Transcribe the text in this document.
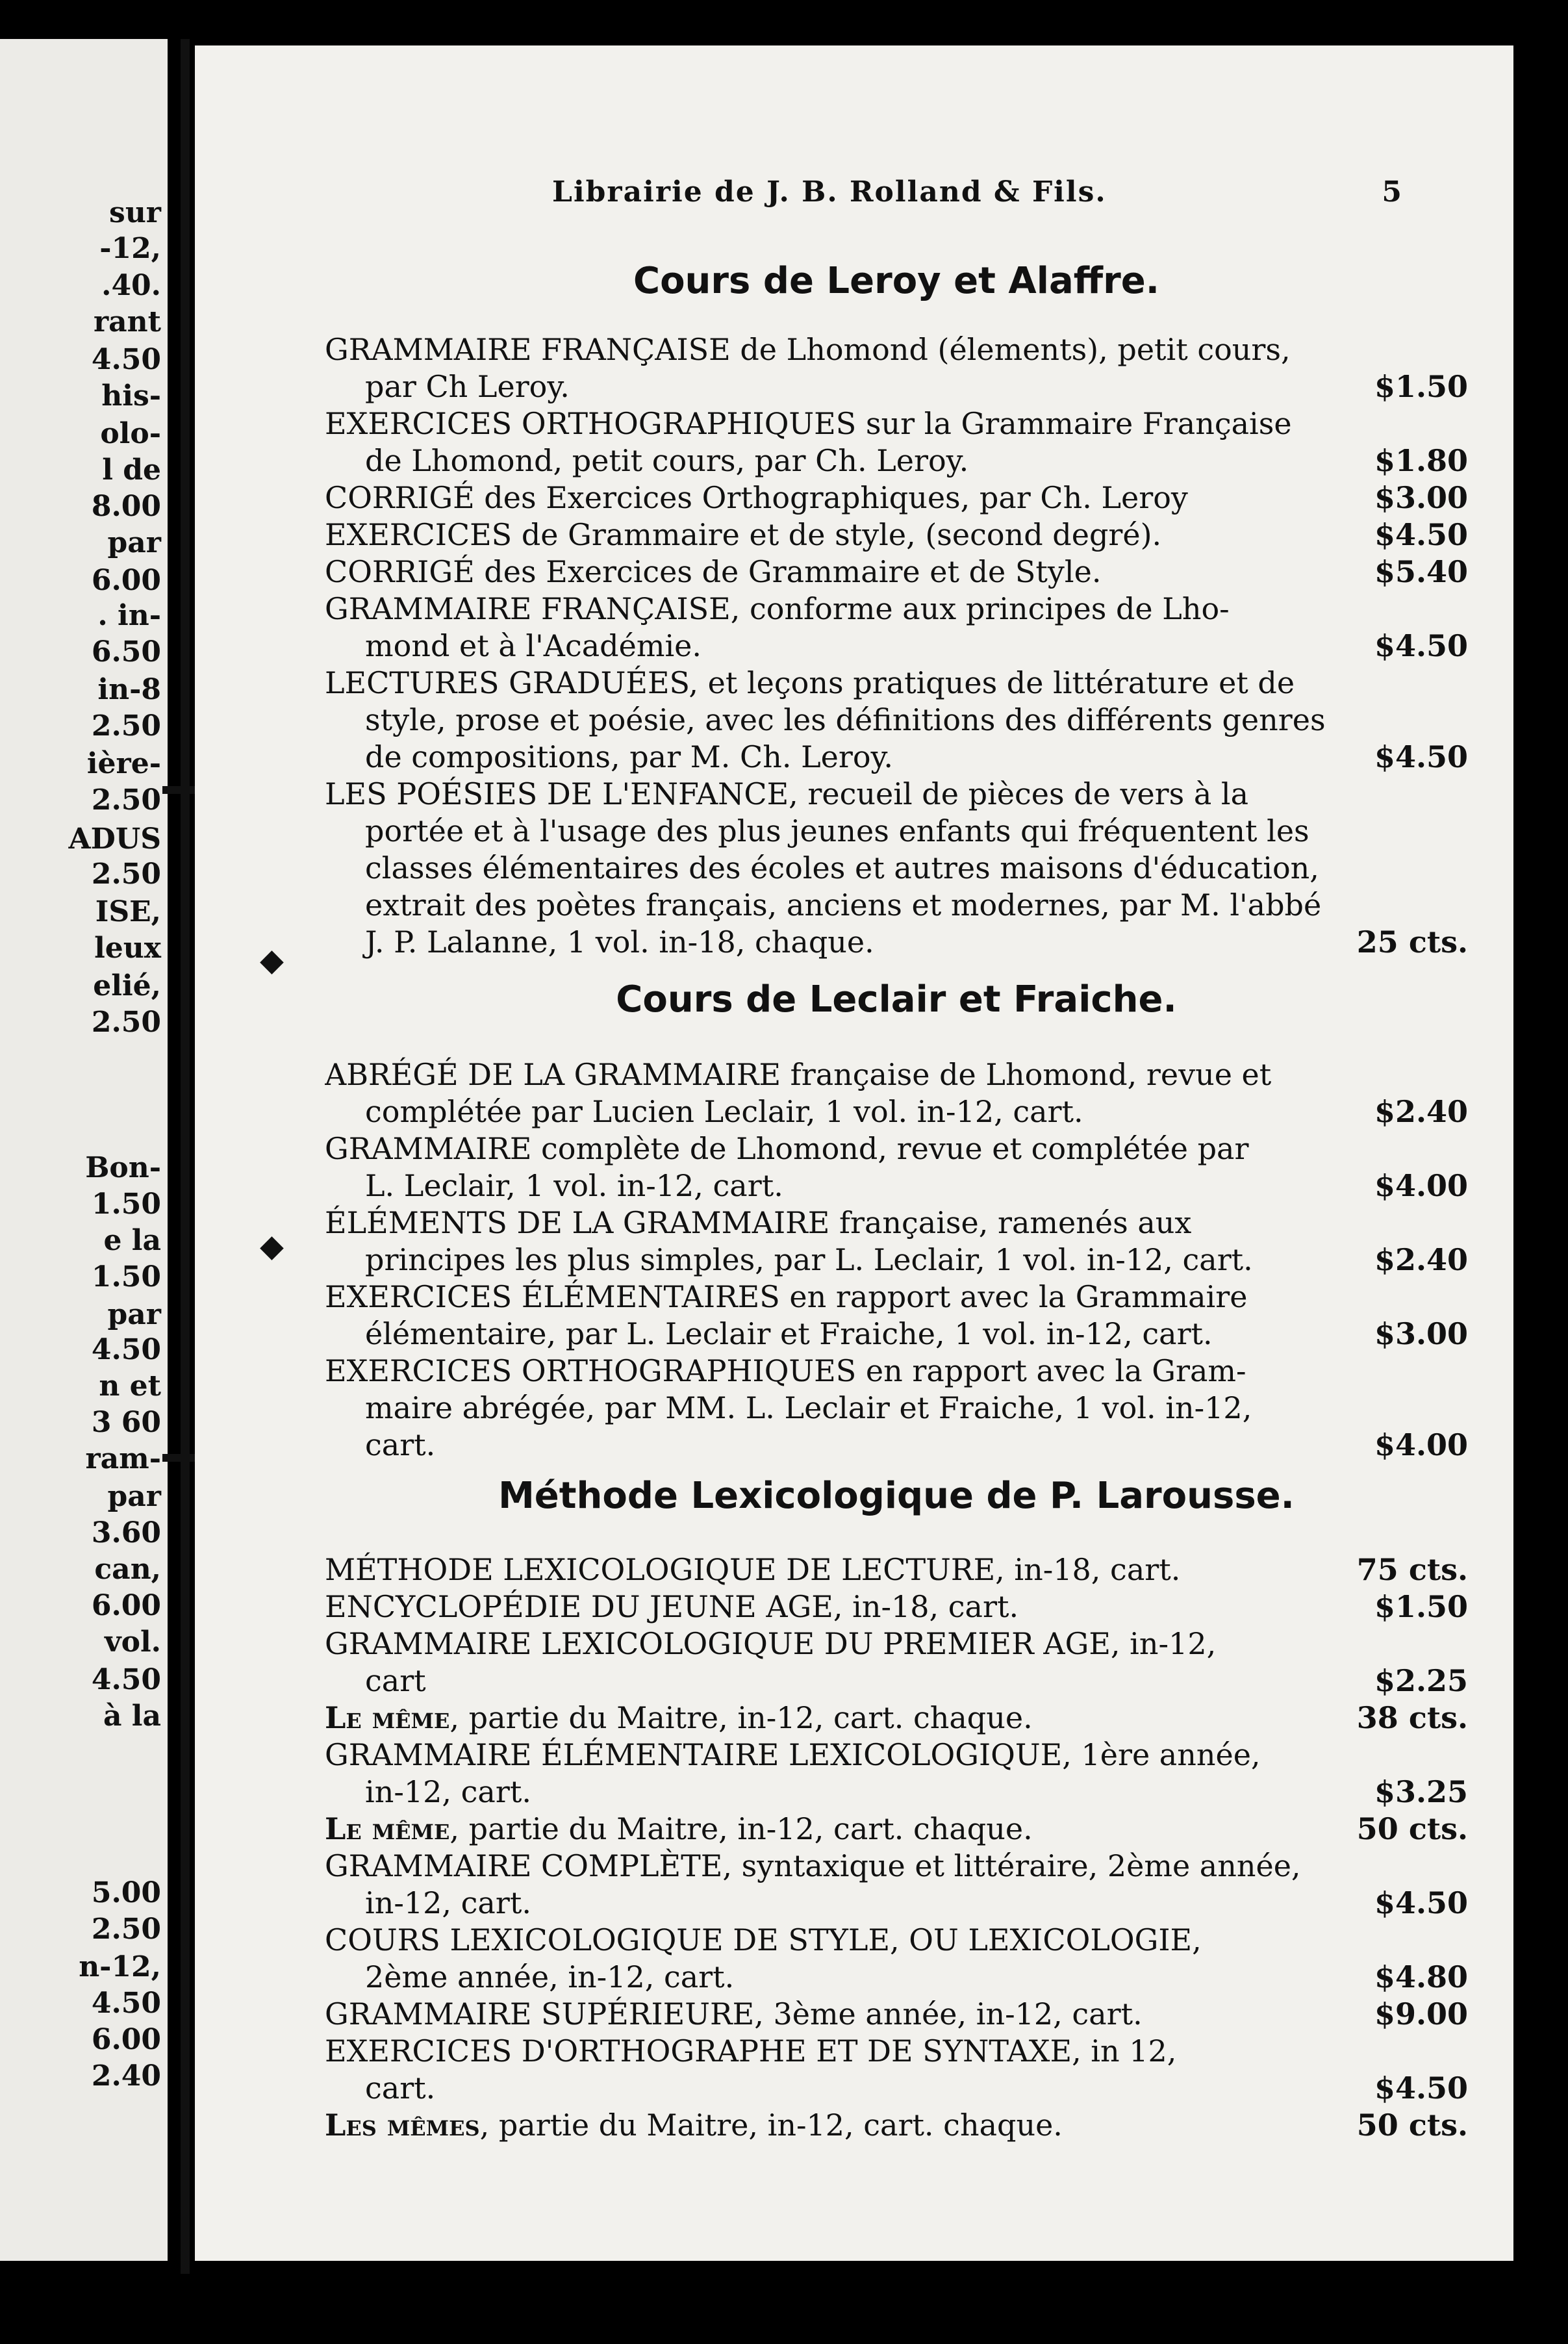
sur
-12,
.40.
rant
4.50
his-
olo-
l de
8.00
par
6.00
. in-
6.50
in-8
2.50
ière-
2.50
ADUS
2.50
ISE,
leux
elié,
2.50
Bon-
1.50
e la
1.50
par
4.50
n et
3 60
ram-
par
3.60
can,
6.00
vol.
4.50
à la
5.00
2.50
n-12,
4.50
6.00
2.40
Librairie de J. B. Rolland & Fils.	5
Cours de Leroy et Alaffre.
GRAMMAIRE FRANÇAISE de Lhomond (élements), petit cours,
par Ch Leroy.	$1.50
EXERCICES ORTHOGRAPHIQUES sur la Grammaire Française
de Lhomond, petit cours, par Ch. Leroy.	$1.80
CORRIGÉ des Exercices Orthographiques, par Ch. Leroy	$3.00
EXERCICES de Grammaire et de style, (second degré).	$4.50
CORRIGÉ des Exercices de Grammaire et de Style.	$5.40
GRAMMAIRE FRANÇAISE, conforme aux principes de Lho-
mond et à l'Académie.	$4.50
LECTURES GRADUÉES, et leçons pratiques de littérature et de
style, prose et poésie, avec les définitions des différents genres
de compositions, par M. Ch. Leroy.	$4.50
LES POÉSIES DE L'ENFANCE, recueil de pièces de vers à la
portée et à l'usage des plus jeunes enfants qui fréquentent les
classes élémentaires des écoles et autres maisons d'éducation,
extrait des poètes français, anciens et modernes, par M. l'abbé
J. P. Lalanne, 1 vol. in-18, chaque.	25 cts.
Cours de Leclair et Fraiche.
ABRÉGÉ DE LA GRAMMAIRE française de Lhomond, revue et
complétée par Lucien Leclair, 1 vol. in-12, cart.	$2.40
GRAMMAIRE complète de Lhomond, revue et complétée par
L. Leclair, 1 vol. in-12, cart.	$4.00
ÉLÉMENTS DE LA GRAMMAIRE française, ramenés aux
principes les plus simples, par L. Leclair, 1 vol. in-12, cart.	$2.40
EXERCICES ÉLÉMENTAIRES en rapport avec la Grammaire
élémentaire, par L. Leclair et Fraiche, 1 vol. in-12, cart.	$3.00
EXERCICES ORTHOGRAPHIQUES en rapport avec la Gram-
maire abrégée, par MM. L. Leclair et Fraiche, 1 vol. in-12,
cart.	$4.00
Méthode Lexicologique de P. Larousse.
MÉTHODE LEXICOLOGIQUE DE LECTURE, in-18, cart.	75 cts.
ENCYCLOPÉDIE DU JEUNE AGE, in-18, cart.	$1.50
GRAMMAIRE LEXICOLOGIQUE DU PREMIER AGE, in-12,
cart	$2.25
Le même, partie du Maitre, in-12, cart. chaque.	38 cts.
GRAMMAIRE ÉLÉMENTAIRE LEXICOLOGIQUE, 1ère année,
in-12, cart.	$3.25
Le même, partie du Maitre, in-12, cart. chaque.	50 cts.
GRAMMAIRE COMPLÈTE, syntaxique et littéraire, 2ème année,
in-12, cart.	$4.50
COURS LEXICOLOGIQUE DE STYLE, OU LEXICOLOGIE,
2ème année, in-12, cart.	$4.80
GRAMMAIRE SUPÉRIEURE, 3ème année, in-12, cart.	$9.00
EXERCICES D'ORTHOGRAPHE ET DE SYNTAXE, in 12,
cart.	$4.50
Les mêmes, partie du Maitre, in-12, cart. chaque.	50 cts.
◆
◆
